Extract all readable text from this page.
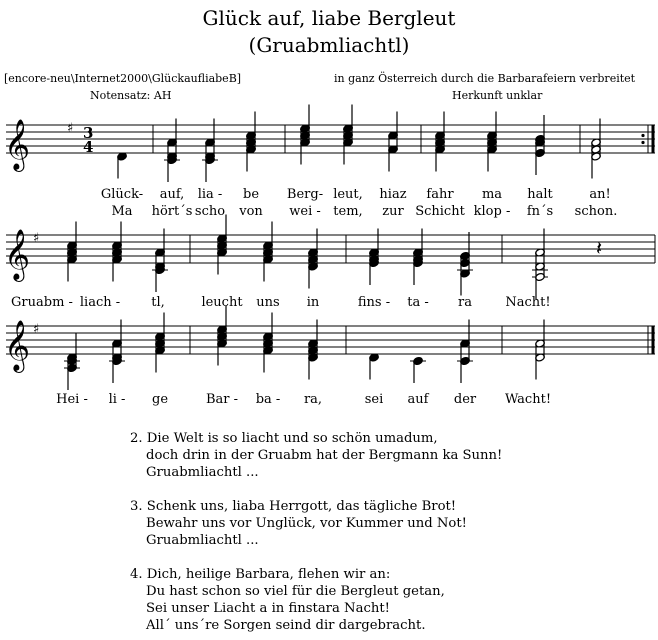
Glück auf, liabe Bergleut
(Gruabmliachtl)
[encore-neu\Internet2000\GlückaufliabeB]	in ganz Österreich durch die Barbarafeiern verbreitet
Notensatz: AH	Herkunft unklar
𝄞	♯ 3
4
𝄞 ♯	𝄽
𝄞 ♯
Glück- auf, lia - be Berg- leut, hiaz fahr ma halt	an!
Ma hört´s scho von wei - tem, zur Schicht klop - fn´s schon.
Gruabm - liach - tl,	leucht uns in	fins - ta - ra	Nacht!
Hei - li - ge	Bar - ba - ra,	sei auf der Wacht!
2. Die Welt is so liacht und so schön umadum,
doch drin in der Gruabm hat der Bergmann ka Sunn!
Gruabmliachtl ...
3. Schenk uns, liaba Herrgott, das tägliche Brot!
Bewahr uns vor Unglück, vor Kummer und Not!
Gruabmliachtl ...
4. Dich, heilige Barbara, flehen wir an:
Du hast schon so viel für die Bergleut getan,
Sei unser Liacht a in finstara Nacht!
All´ uns´re Sorgen seind dir dargebracht.
